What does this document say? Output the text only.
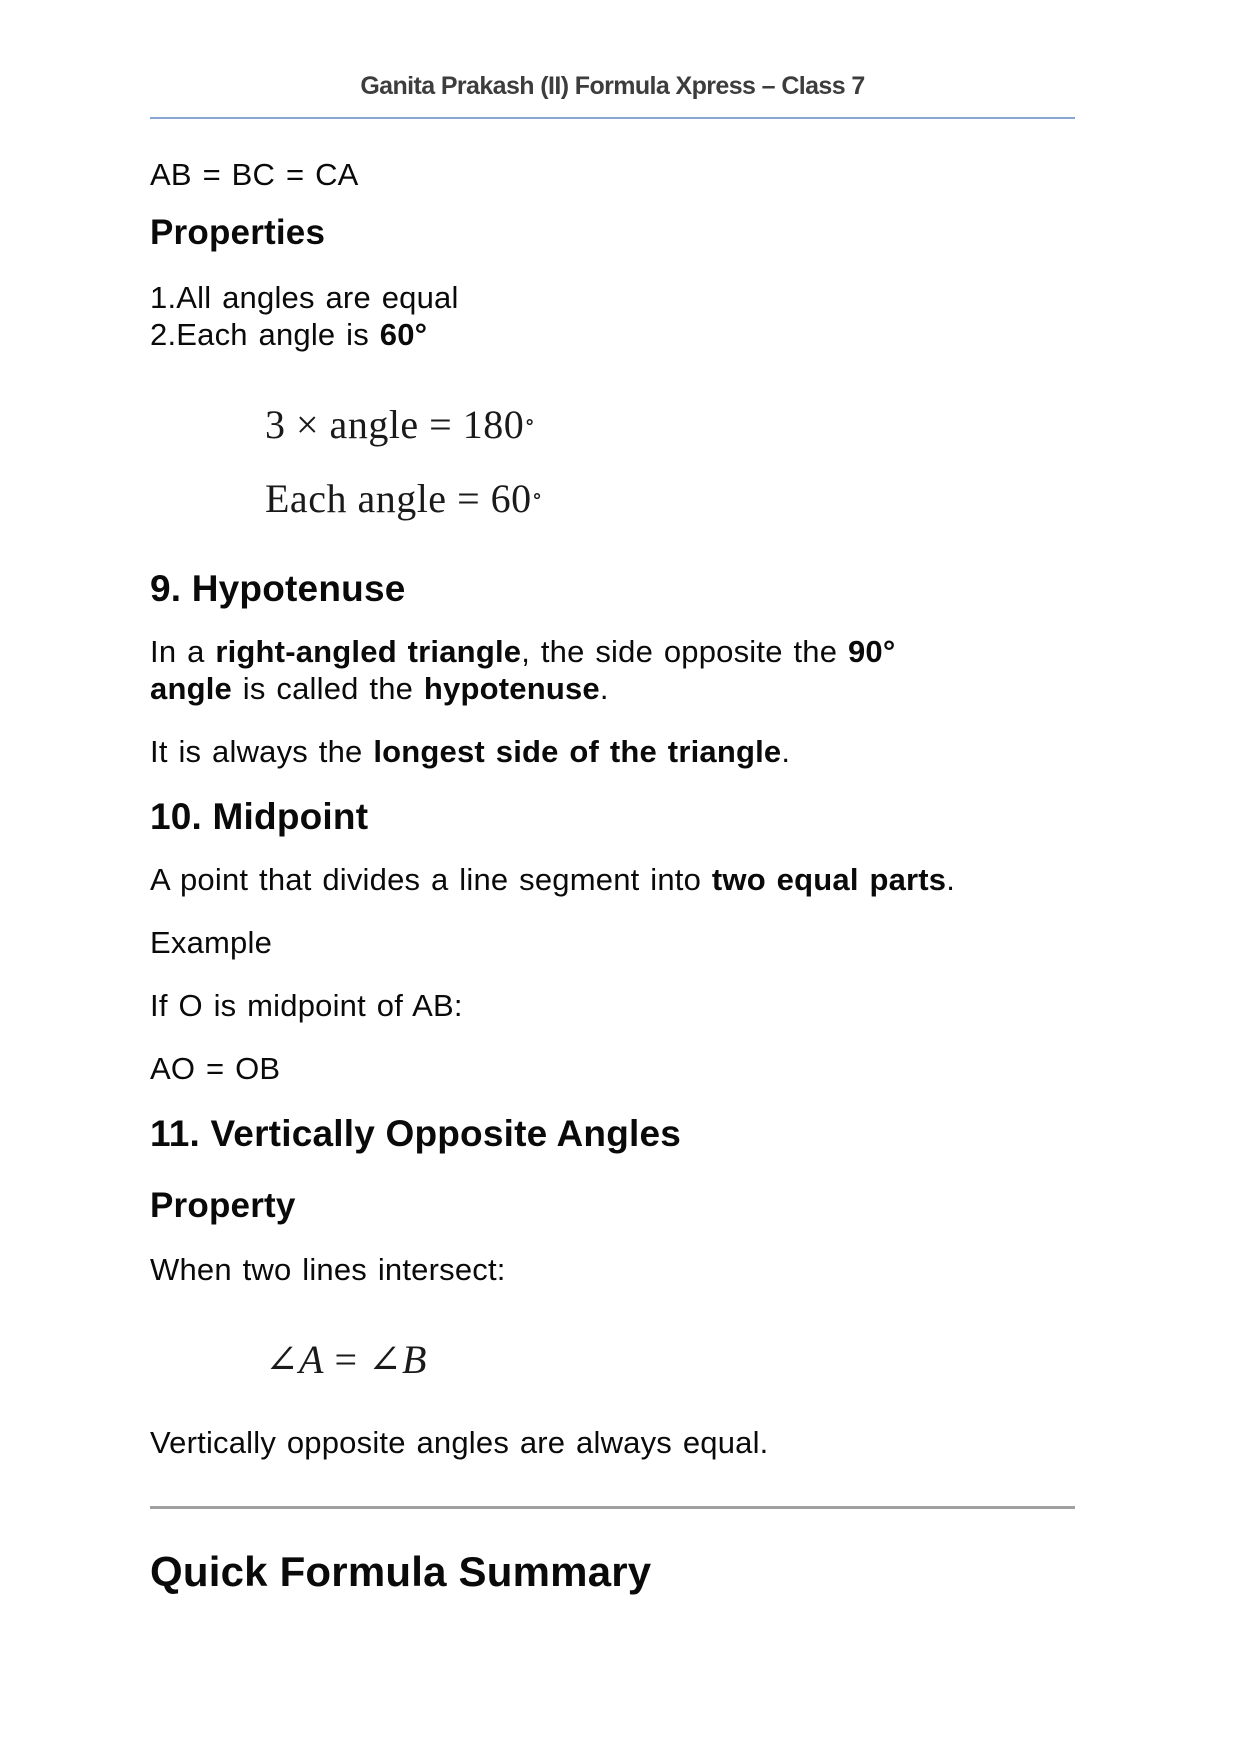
Ganita Prakash (II) Formula Xpress – Class 7

AB = BC = CA

Properties
1.All angles are equal
2.Each angle is 60°
3 × angle = 180∘
Each angle = 60∘
9. Hypotenuse
In a right-angled triangle, the side opposite the 90°
angle is called the hypotenuse.

It is always the longest side of the triangle.

10. Midpoint

A point that divides a line segment into two equal parts.

Example

If O is midpoint of AB:

AO = OB

11. Vertically Opposite Angles
Property

When two lines intersect:

∠A = ∠B

Vertically opposite angles are always equal.

Quick Formula Summary
